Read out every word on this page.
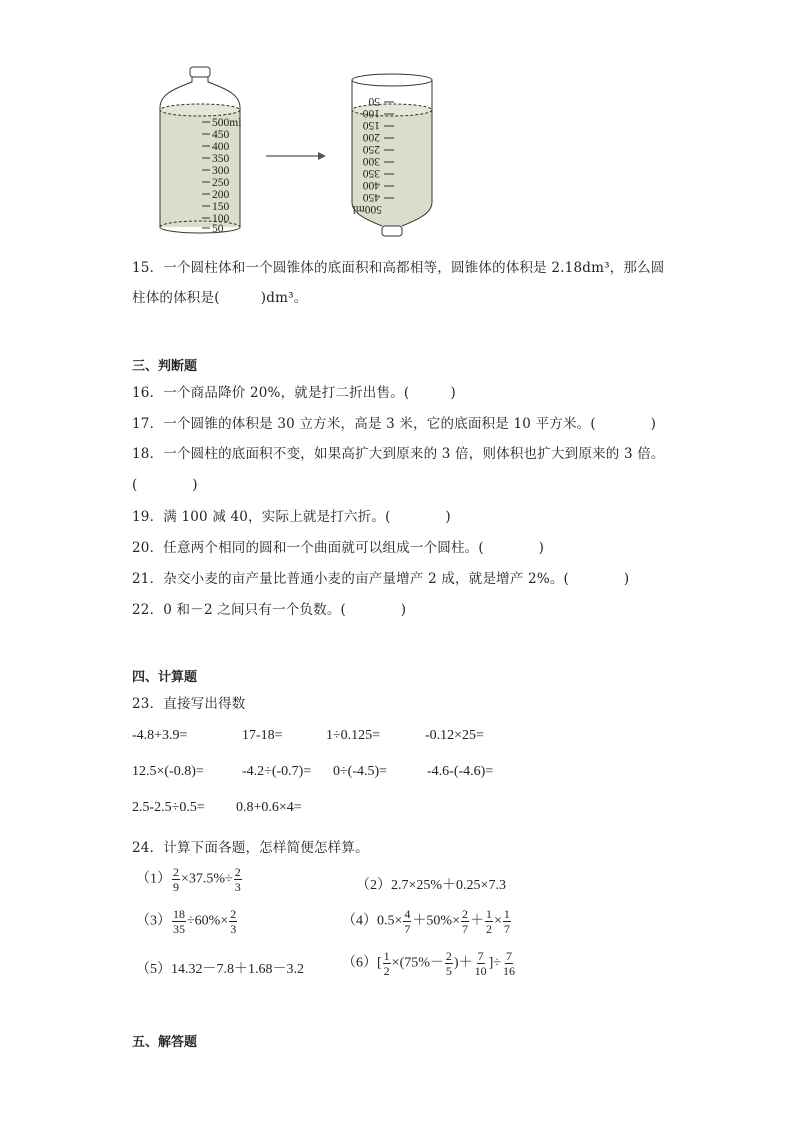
500ml
450
400
350
300
250
200
150
100
50
50
100
150
200
250
300
350
400
450
500ml
15．一个圆柱体和一个圆锥体的底面积和高都相等，圆锥体的体积是 2.18dm³，那么圆
柱体的体积是(　　　)dm³。
三、判断题
16．一个商品降价 20%，就是打二折出售。(　　　)
17．一个圆锥的体积是 30 立方米，高是 3 米，它的底面积是 10 平方米。(　　　　)
18．一个圆柱的底面积不变，如果高扩大到原来的 3 倍，则体积也扩大到原来的 3 倍。
(　　　　)
19．满 100 减 40，实际上就是打六折。(　　　　)
20．任意两个相同的圆和一个曲面就可以组成一个圆柱。(　　　　)
21．杂交小麦的亩产量比普通小麦的亩产量增产 2 成，就是增产 2%。(　　　　)
22．0 和－2 之间只有一个负数。(　　　　)
四、计算题
23．直接写出得数
-4.8+3.9=	17-18=	1÷0.125=	-0.12×25=
12.5×(-0.8)=	-4.2÷(-0.7)= 0÷(-4.5)=	-4.6-(-4.6)=
2.5-2.5÷0.5= 0.8+0.6×4=
24．计算下面各题，怎样简便怎样算。
$(1) \frac{2}{9} \times 37.5\%\div \frac{2}{3}$	（2）2.7×25%＋0.25×7.3
$(3) \frac{18}{35} \div 60\%\times \frac{2}{3}$	$(4)0.5\times \frac{4}{7} +50\%\times \frac{2}{7} + \frac{1}{2} \times \frac{1}{7}$
（5）14.32－7.8＋1.68－3.2	$(6)[ \frac{1}{2} \times(75\%- \frac{2}{5}$ )＋ $\frac{7}{10}$ ]÷ $\frac{7}{16}$
五、解答题
